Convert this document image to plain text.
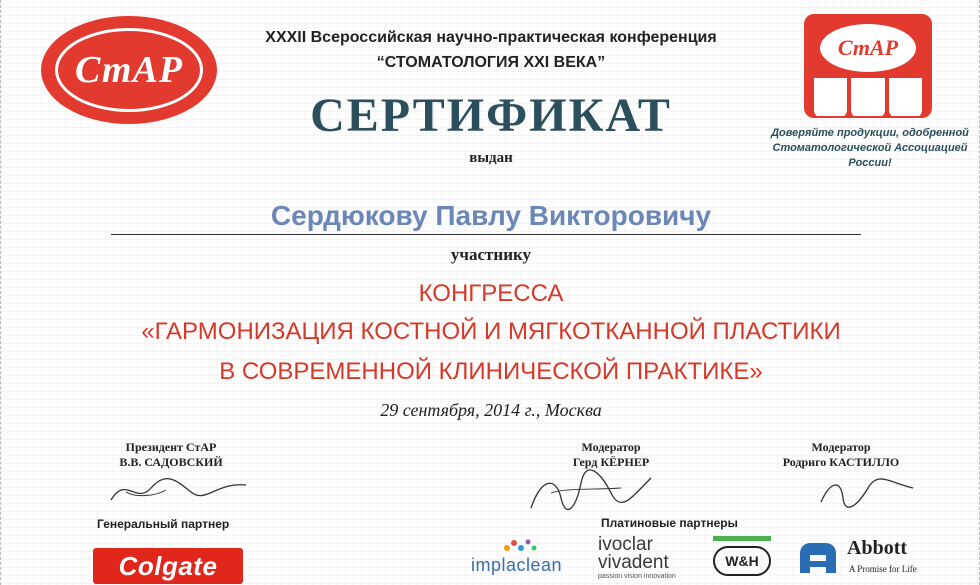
СтАР
XXXII Всероссийская научно-практическая конференция
“СТОМАТОЛОГИЯ XXI ВЕКА”
СЕРТИФИКАТ
выдан
СтАР
Доверяйте продукции, одобренной Стоматологической Ассоциацией России!
Сердюкову Павлу Викторовичу
участнику
КОНГРЕССА
«ГАРМОНИЗАЦИЯ КОСТНОЙ И МЯГКОТКАННОЙ ПЛАСТИКИ
В СОВРЕМЕННОЙ КЛИНИЧЕСКОЙ ПРАКТИКЕ»
29 сентября, 2014 г., Москва
Президент СтАР
В.В. САДОВСКИЙ
Модератор
Герд КЁРНЕР
Модератор
Родриго КАСТИЛЛО
Генеральный партнер	Платиновые партнеры
Colgate	implaclean
ivoclar
vivadent
passion vision innovation
W&H
Abbott
A Promise for Life
